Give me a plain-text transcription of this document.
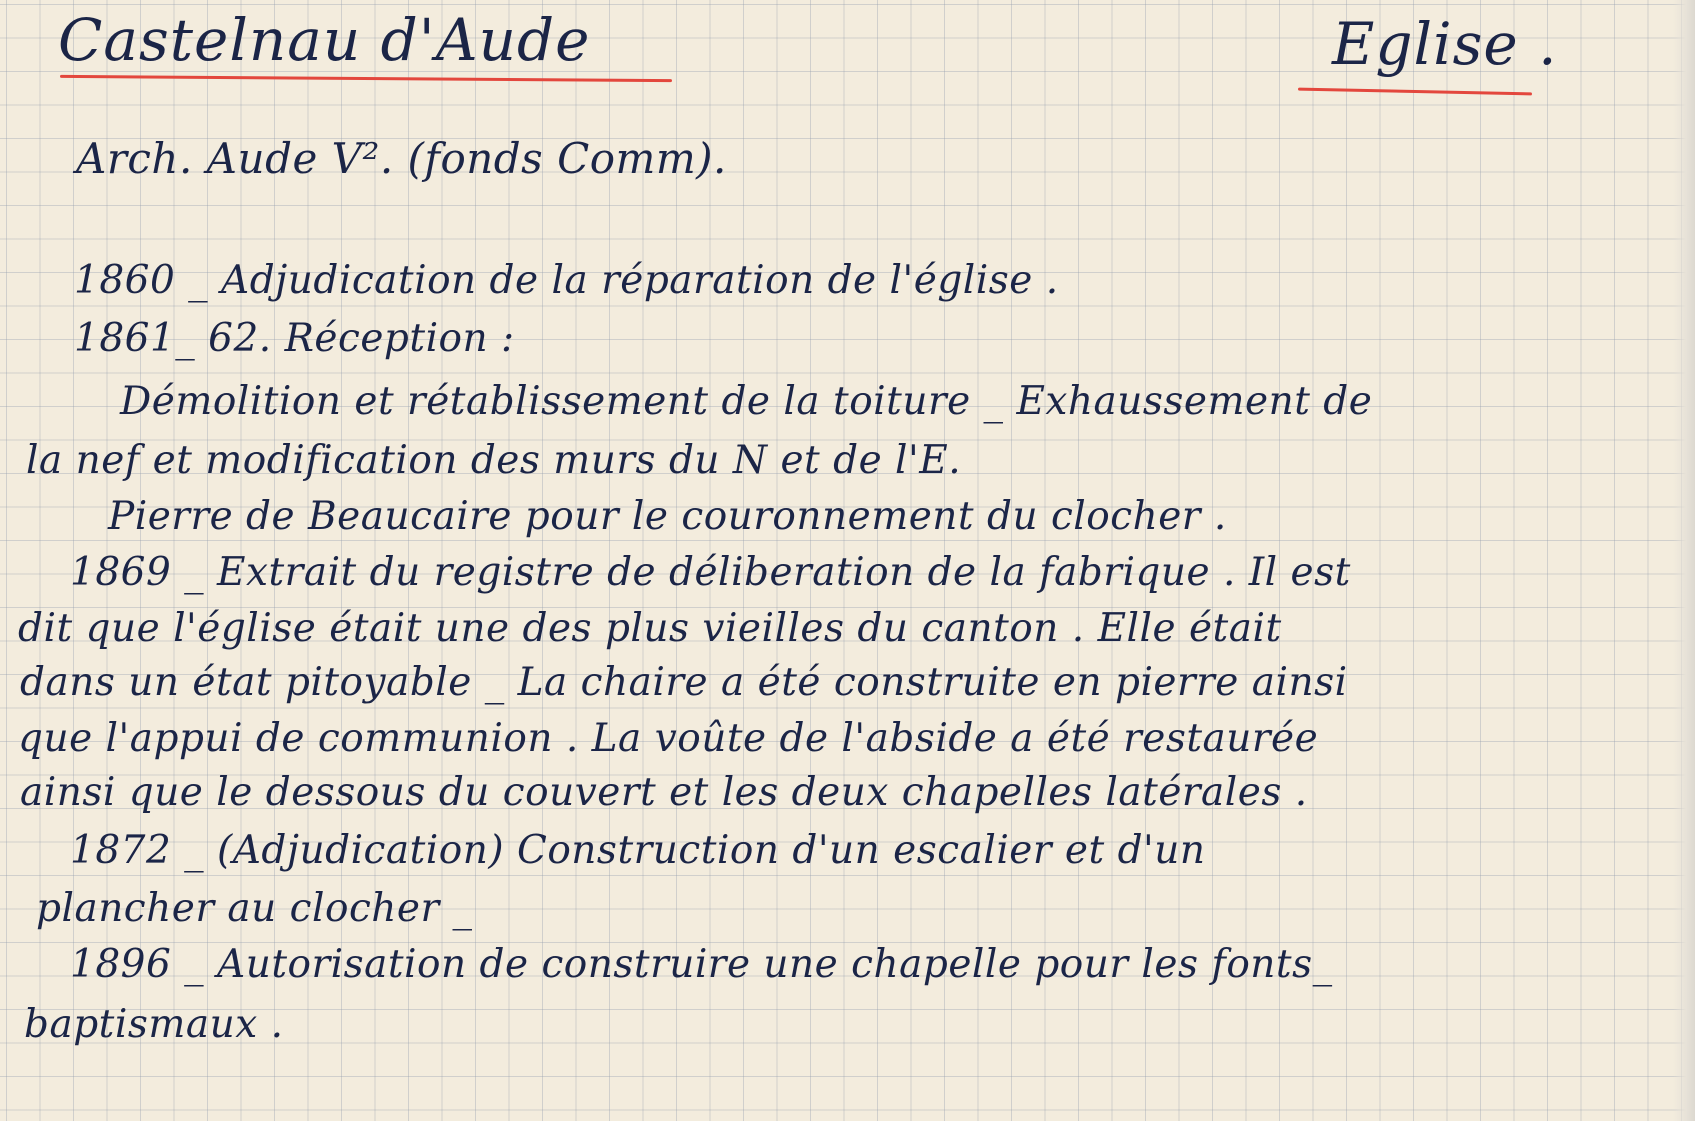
Castelnau d'Aude	Eglise .
Arch. Aude V². (fonds Comm).
1860 _ Adjudication de la réparation de l'église .
1861_ 62. Réception :
Démolition et rétablissement de la toiture _ Exhaussement de
la nef et modification des murs du N et de l'E.
Pierre de Beaucaire pour le couronnement du clocher .
1869 _ Extrait du registre de déliberation de la fabrique . Il est
dit que l'église était une des plus vieilles du canton . Elle était
dans un état pitoyable _ La chaire a été construite en pierre ainsi
que l'appui de communion . La voûte de l'abside a été restaurée
ainsi que le dessous du couvert et les deux chapelles latérales .
1872 _ (Adjudication) Construction d'un escalier et d'un
plancher au clocher _
1896 _ Autorisation de construire une chapelle pour les fonts_
baptismaux .
